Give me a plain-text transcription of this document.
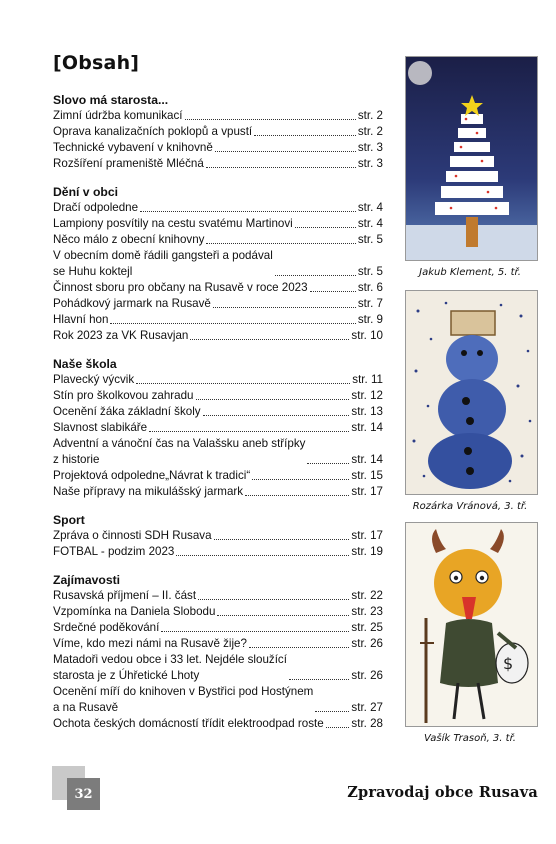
[Obsah]
Slovo má starosta...
Zimní údržba komunikací	str. 2
Oprava kanalizačních poklopů a vpustí	str. 2
Technické vybavení v knihovně	str. 3
Rozšíření prameniště Mléčná	str. 3
Dění v obci
Dračí odpoledne	str. 4
Lampiony posvítily na cestu svatému Martinovi	str. 4
Něco málo z obecní knihovny	str. 5
V obecním domě řádili gangsteři a podával
se Huhu koktejl	str. 5
Činnost sboru pro občany na Rusavě v roce 2023	str. 6
Pohádkový jarmark na Rusavě	str. 7
Hlavní hon	str. 9
Rok 2023 za VK Rusavjan	str. 10
Naše škola
Plavecký výcvik	str. 11
Stín pro školkovou zahradu	str. 12
Ocenění žáka základní školy	str. 13
Slavnost slabikáře	str. 14
Adventní a vánoční čas na Valašsku aneb střípky
z historie	str. 14
Projektová odpoledne„Návrat k tradici“	str. 15
Naše přípravy na mikulášský jarmark	str. 17
Sport
Zpráva o činnosti SDH Rusava	str. 17
FOTBAL - podzim 2023	str. 19
Zajímavosti
Rusavská příjmení – II. část	str. 22
Vzpomínka na Daniela Slobodu	str. 23
Srdečné poděkování	str. 25
Víme, kdo mezi námi na Rusavě žije?	str. 26
Matadoři vedou obce i 33 let. Nejdéle sloužící
starosta je z Úhřetické Lhoty	str. 26
Ocenění míří do knihoven v Bystřici pod Hostýnem
a na Rusavě	str. 27
Ochota českých domácností třídit elektroodpad roste str. 28
Jakub Klement, 5. tř.
Rozárka Vránová, 3. tř.
$
Vašík Trasoň, 3. tř.
32	Zpravodaj obce Rusava
